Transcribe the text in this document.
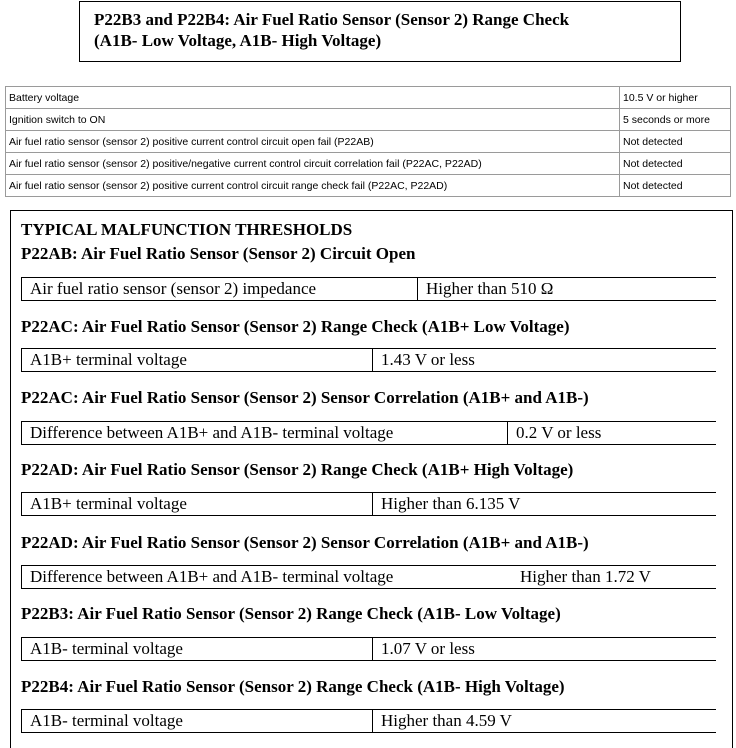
P22B3 and P22B4: Air Fuel Ratio Sensor (Sensor 2) Range Check
(A1B- Low Voltage, A1B- High Voltage)
Battery voltage	10.5 V or higher
Ignition switch to ON	5 seconds or more
Air fuel ratio sensor (sensor 2) positive current control circuit open fail (P22AB)	Not detected
Air fuel ratio sensor (sensor 2) positive/negative current control circuit correlation fail (P22AC, P22AD)	Not detected
Air fuel ratio sensor (sensor 2) positive current control circuit range check fail (P22AC, P22AD)	Not detected
TYPICAL MALFUNCTION THRESHOLDS
P22AB: Air Fuel Ratio Sensor (Sensor 2) Circuit Open
Air fuel ratio sensor (sensor 2) impedance	Higher than 510 Ω
P22AC: Air Fuel Ratio Sensor (Sensor 2) Range Check (A1B+ Low Voltage)
A1B+ terminal voltage	1.43 V or less
P22AC: Air Fuel Ratio Sensor (Sensor 2) Sensor Correlation (A1B+ and A1B-)
Difference between A1B+ and A1B- terminal voltage	0.2 V or less
P22AD: Air Fuel Ratio Sensor (Sensor 2) Range Check (A1B+ High Voltage)
A1B+ terminal voltage	Higher than 6.135 V
P22AD: Air Fuel Ratio Sensor (Sensor 2) Sensor Correlation (A1B+ and A1B-)
Difference between A1B+ and A1B- terminal voltage	Higher than 1.72 V
P22B3: Air Fuel Ratio Sensor (Sensor 2) Range Check (A1B- Low Voltage)
A1B- terminal voltage	1.07 V or less
P22B4: Air Fuel Ratio Sensor (Sensor 2) Range Check (A1B- High Voltage)
A1B- terminal voltage	Higher than 4.59 V
